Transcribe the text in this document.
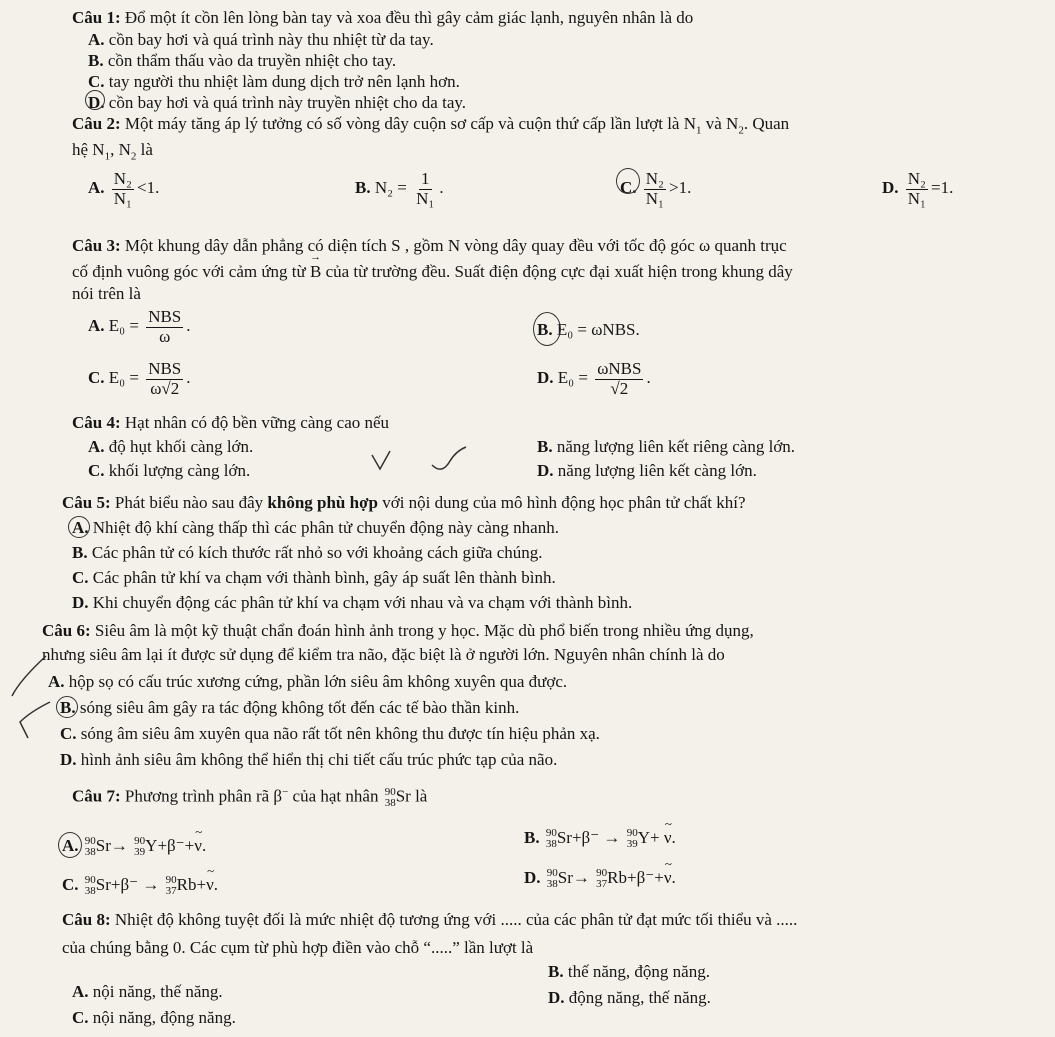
Câu 1: Đổ một ít cồn lên lòng bàn tay và xoa đều thì gây cảm giác lạnh, nguyên nhân là do
A. cồn bay hơi và quá trình này thu nhiệt từ da tay.
B. cồn thẩm thấu vào da truyền nhiệt cho tay.
C. tay người thu nhiệt làm dung dịch trở nên lạnh hơn.
D. cồn bay hơi và quá trình này truyền nhiệt cho da tay.
Câu 2: Một máy tăng áp lý tưởng có số vòng dây cuộn sơ cấp và cuộn thứ cấp lần lượt là $N_1$ và $N_2$. Quan
hệ $N_1$, $N_2$ là
A. $\frac{\text{N₂}}{\text{N₁}} <1$.	B. $N_2 = \frac{1}{\text{N₁}}$ .	C. $\frac{\text{N₂}}{\text{N₁}} >1$.	D. $\frac{\text{N₂}}{\text{N₁}} =1$.
Câu 3: Một khung dây dẫn phẳng có diện tích S , gồm N vòng dây quay đều với tốc độ góc ω quanh trục
cố định vuông góc với cảm ứng từ → B của từ trường đều. Suất điện động cực đại xuất hiện trong khung dây
nói trên là
A. $E_0 = \frac{\text{NBS}}{\omega}$ .	B. E₀ = ωNBS.
C. $E_0 = \frac{\text{NBS}}{\omega√2}$ .	D. $E_0 = \frac{\text{ωNBS}}{√2}$ .
Câu 4: Hạt nhân có độ bền vững càng cao nếu
A. độ hụt khối càng lớn.	B. năng lượng liên kết riêng càng lớn.
C. khối lượng càng lớn.	D. năng lượng liên kết càng lớn.
Câu 5: Phát biểu nào sau đây không phù hợp với nội dung của mô hình động học phân tử chất khí?
A. Nhiệt độ khí càng thấp thì các phân tử chuyển động này càng nhanh.
B. Các phân tử có kích thước rất nhỏ so với khoảng cách giữa chúng.
C. Các phân tử khí va chạm với thành bình, gây áp suất lên thành bình.
D. Khi chuyển động các phân tử khí va chạm với nhau và va chạm với thành bình.
Câu 6: Siêu âm là một kỹ thuật chẩn đoán hình ảnh trong y học. Mặc dù phổ biến trong nhiều ứng dụng,
nhưng siêu âm lại ít được sử dụng để kiểm tra não, đặc biệt là ở người lớn. Nguyên nhân chính là do
A. hộp sọ có cấu trúc xương cứng, phần lớn siêu âm không xuyên qua được.
B. sóng siêu âm gây ra tác động không tốt đến các tế bào thần kinh.
C. sóng âm siêu âm xuyên qua não rất tốt nên không thu được tín hiệu phản xạ.
D. hình ảnh siêu âm không thể hiển thị chi tiết cấu trúc phức tạp của não.
Câu 7: Phương trình phân rã β− của hạt nhân 90
38 Sr là
A. 90
38 Sr→ 90
39 Y+β⁻+~ ν.	B. 90
38 Sr+β⁻ → 90
39 Y+ ~ ν.
C. 90
38 Sr+β⁻ → 90
37 Rb+~ ν.	D. 90
38 Sr→ 90
37 Rb+β⁻+~ ν.
Câu 8: Nhiệt độ không tuyệt đối là mức nhiệt độ tương ứng với ..... của các phân tử đạt mức tối thiểu và .....
của chúng bằng 0. Các cụm từ phù hợp điền vào chỗ “.....” lần lượt là
A. nội năng, thế năng.
B. thế năng, động năng.
C. nội năng, động năng.
D. động năng, thế năng.
